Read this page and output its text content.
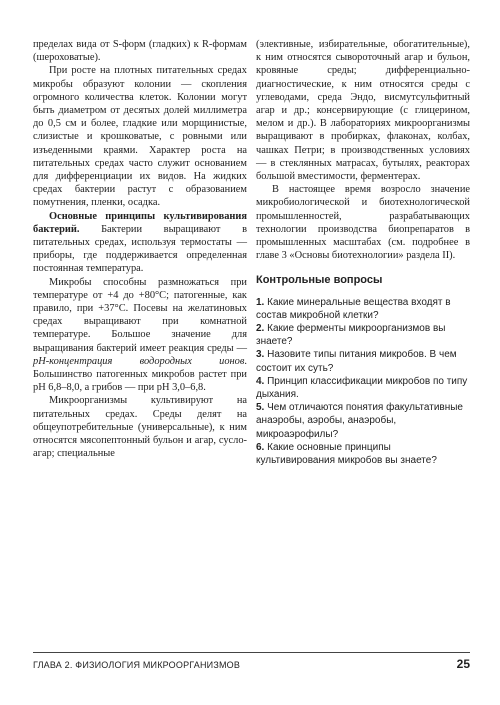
пределах вида от S-форм (гладких) к R-формам (шероховатые).

При росте на плотных питательных средах микробы образуют колонии — скопления огромного количества клеток. Колонии могут быть диаметром от десятых долей миллиметра до 0,5 см и более, гладкие или морщинистые, слизистые и крошковатые, с ровными или изъеденными краями. Характер роста на питательных средах часто служит основанием для дифференциации их видов. На жидких средах бактерии растут с образованием помутнения, пленки, осадка.

Основные принципы культивирования бактерий. Бактерии выращивают в питательных средах, используя термостаты — приборы, где поддерживается определенная постоянная температура.

Микробы способны размножаться при температуре от +4 до +80°С; патогенные, как правило, при +37°С. Посевы на желатиновых средах выращивают при комнатной температуре. Большое значение для выращивания бактерий имеет реакция среды — pH-концентрация водородных ионов. Большинство патогенных микробов растет при pH 6,8–8,0, а грибов — при pH 3,0–6,8.

Микроорганизмы культивируют на питательных средах. Среды делят на общеупотребительные (универсальные), к ним относятся мясопептонный бульон и агар, сусло-агар; специальные

(элективные, избирательные, обогатительные), к ним относятся сывороточный агар и бульон, кровяные среды; дифференциально-диагностические, к ним относятся среды с углеводами, среда Эндо, висмутсульфитный агар и др.; консервирующие (с глицерином, мелом и др.). В лабораториях микроорганизмы выращивают в пробирках, флаконах, колбах, чашках Петри; в производственных условиях — в стеклянных матрасах, бутылях, реакторах большой вместимости, ферментерах.

В настоящее время возросло значение микробиологической и биотехнологической промышленностей, разрабатывающих технологии производства биопрепаратов в промышленных масштабах (см. подробнее в главе 3 «Основы биотехнологии» раздела II).

Контрольные вопросы
1. Какие минеральные вещества входят в состав микробной клетки?
2. Какие ферменты микроорганизмов вы знаете?
3. Назовите типы питания микробов. В чем состоит их суть?
4. Принцип классификации микробов по типу дыхания.
5. Чем отличаются понятия факультативные анаэробы, аэробы, анаэробы, микроаэрофилы?
6. Какие основные принципы культивирования микробов вы знаете?
ГЛАВА 2. ФИЗИОЛОГИЯ МИКРООРГАНИЗМОВ	25
